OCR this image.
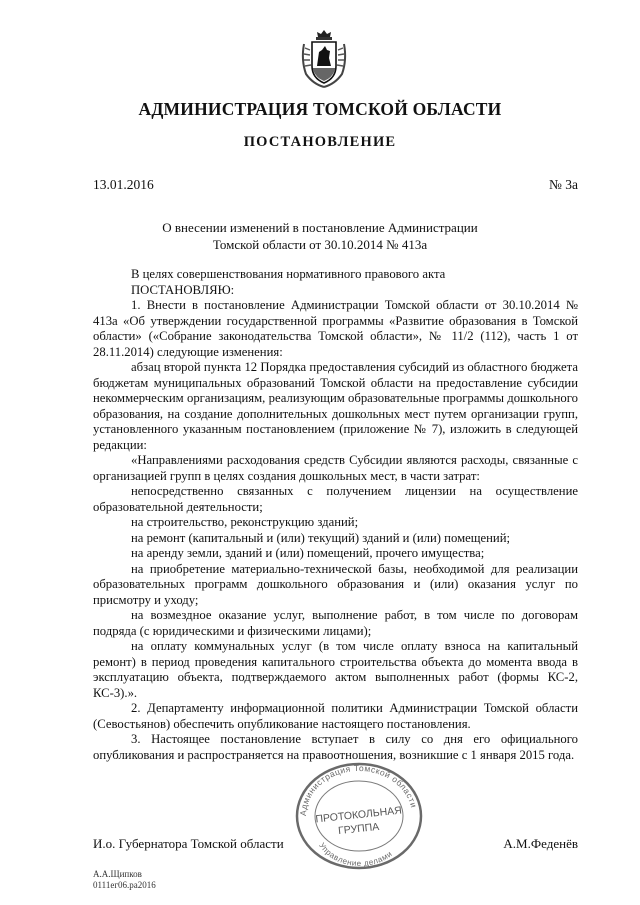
АДМИНИСТРАЦИЯ ТОМСКОЙ ОБЛАСТИ
ПОСТАНОВЛЕНИЕ
13.01.2016	№ 3а
О внесении изменений в постановление Администрации
Томской области от 30.10.2014 № 413а

В целях совершенствования нормативного правового акта

ПОСТАНОВЛЯЮ:

1. Внести в постановление Администрации Томской области от 30.10.2014 № 413а «Об утверждении государственной программы «Развитие образования в Томской области» («Собрание законодательства Томской области», № 11/2 (112), часть 1 от 28.11.2014) следующие изменения:

абзац второй пункта 12 Порядка предоставления субсидий из областного бюджета бюджетам муниципальных образований Томской области на предоставление субсидии некоммерческим организациям, реализующим образовательные программы дошкольного образования, на создание дополнительных дошкольных мест путем организации групп, установленного указанным постановлением (приложение № 7), изложить в следующей редакции:

«Направлениями расходования средств Субсидии являются расходы, связанные с организацией групп в целях создания дошкольных мест, в части затрат:

непосредственно связанных с получением лицензии на осуществление образовательной деятельности;

на строительство, реконструкцию зданий;

на ремонт (капитальный и (или) текущий) зданий и (или) помещений;

на аренду земли, зданий и (или) помещений, прочего имущества;

на приобретение материально-технической базы, необходимой для реализации образовательных программ дошкольного образования и (или) оказания услуг по присмотру и уходу;

на возмездное оказание услуг, выполнение работ, в том числе по договорам подряда (с юридическими и физическими лицами);

на оплату коммунальных услуг (в том числе оплату взноса на капитальный ремонт) в период проведения капитального строительства объекта до момента ввода в эксплуатацию объекта, подтверждаемого актом выполненных работ (формы КС-2, КС-3).».

2. Департаменту информационной политики Администрации Томской области (Севостьянов) обеспечить опубликование настоящего постановления.

3. Настоящее постановление вступает в силу со дня его официального опубликования и распространяется на правоотношения, возникшие с 1 января 2015 года.

Администрация Томской области
Управление делами
ПРОТОКОЛЬНАЯ
ГРУППА
И.о. Губернатора Томской области	А.М.Феденёв
А.А.Щипков
0111ег06.ра2016
